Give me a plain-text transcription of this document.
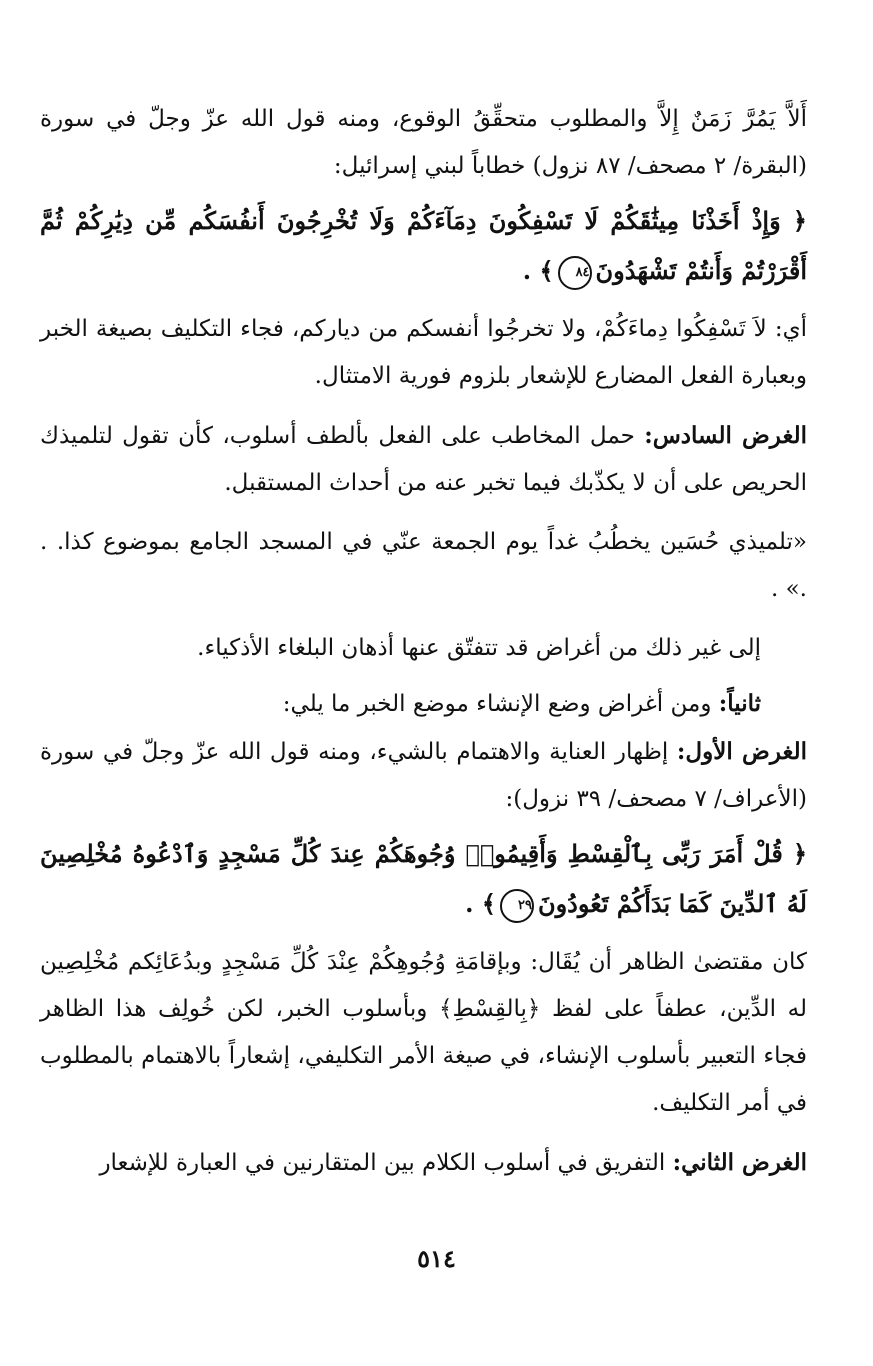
أَلاَّ يَمُرَّ زَمَنٌ إِلاَّ والمطلوب متحقِّقُ الوقوع، ومنه قول الله عزّ وجلّ في سورة (البقرة/ ٢ مصحف/ ٨٧ نزول) خطاباً لبني إسرائيل:

﴿ وَإِذْ أَخَذْنَا مِيثَٰقَكُمْ لَا تَسْفِكُونَ دِمَآءَكُمْ وَلَا تُخْرِجُونَ أَنفُسَكُم مِّن دِيَٰرِكُمْ ثُمَّ أَقْرَرْتُمْ وَأَنتُمْ تَشْهَدُونَ٨٤﴾ .

أي: لاَ تَسْفِكُوا دِماءَكُمْ، ولا تخرجُوا أنفسكم من دياركم، فجاء التكليف بصيغة الخبر وبعبارة الفعل المضارع للإشعار بلزوم فورية الامتثال.

الغرض السادس: حمل المخاطب على الفعل بألطف أسلوب، كأن تقول لتلميذك الحريص على أن لا يكذّبك فيما تخبر عنه من أحداث المستقبل.

«تلميذي حُسَين يخطُبُ غداً يوم الجمعة عنّي في المسجد الجامع بموضوع كذا. . .» .

إلى غير ذلك من أغراض قد تتفتّق عنها أذهان البلغاء الأذكياء.

ثانياً: ومن أغراض وضع الإنشاء موضع الخبر ما يلي:

الغرض الأول: إظهار العناية والاهتمام بالشيء، ومنه قول الله عزّ وجلّ في سورة (الأعراف/ ٧ مصحف/ ٣٩ نزول):

﴿ قُلْ أَمَرَ رَبِّى بِٱلْقِسْطِ وَأَقِيمُوا۟ وُجُوهَكُمْ عِندَ كُلِّ مَسْجِدٍ وَٱدْعُوهُ مُخْلِصِينَ لَهُ ٱلدِّينَ كَمَا بَدَأَكُمْ تَعُودُونَ٢٩﴾ .

كان مقتضىٰ الظاهر أن يُقَال: وبإقامَةِ وُجُوهِكُمْ عِنْدَ كُلِّ مَسْجِدٍ وبدُعَائِكم مُخْلِصِين له الدِّين، عطفاً على لفظ ﴿بِالقِسْطِ﴾ وبأسلوب الخبر، لكن خُولِف هذا الظاهر فجاء التعبير بأسلوب الإنشاء، في صيغة الأمر التكليفي، إشعاراً بالاهتمام بالمطلوب في أمر التكليف.

الغرض الثاني: التفريق في أسلوب الكلام بين المتقارنين في العبارة للإشعار

٥١٤
